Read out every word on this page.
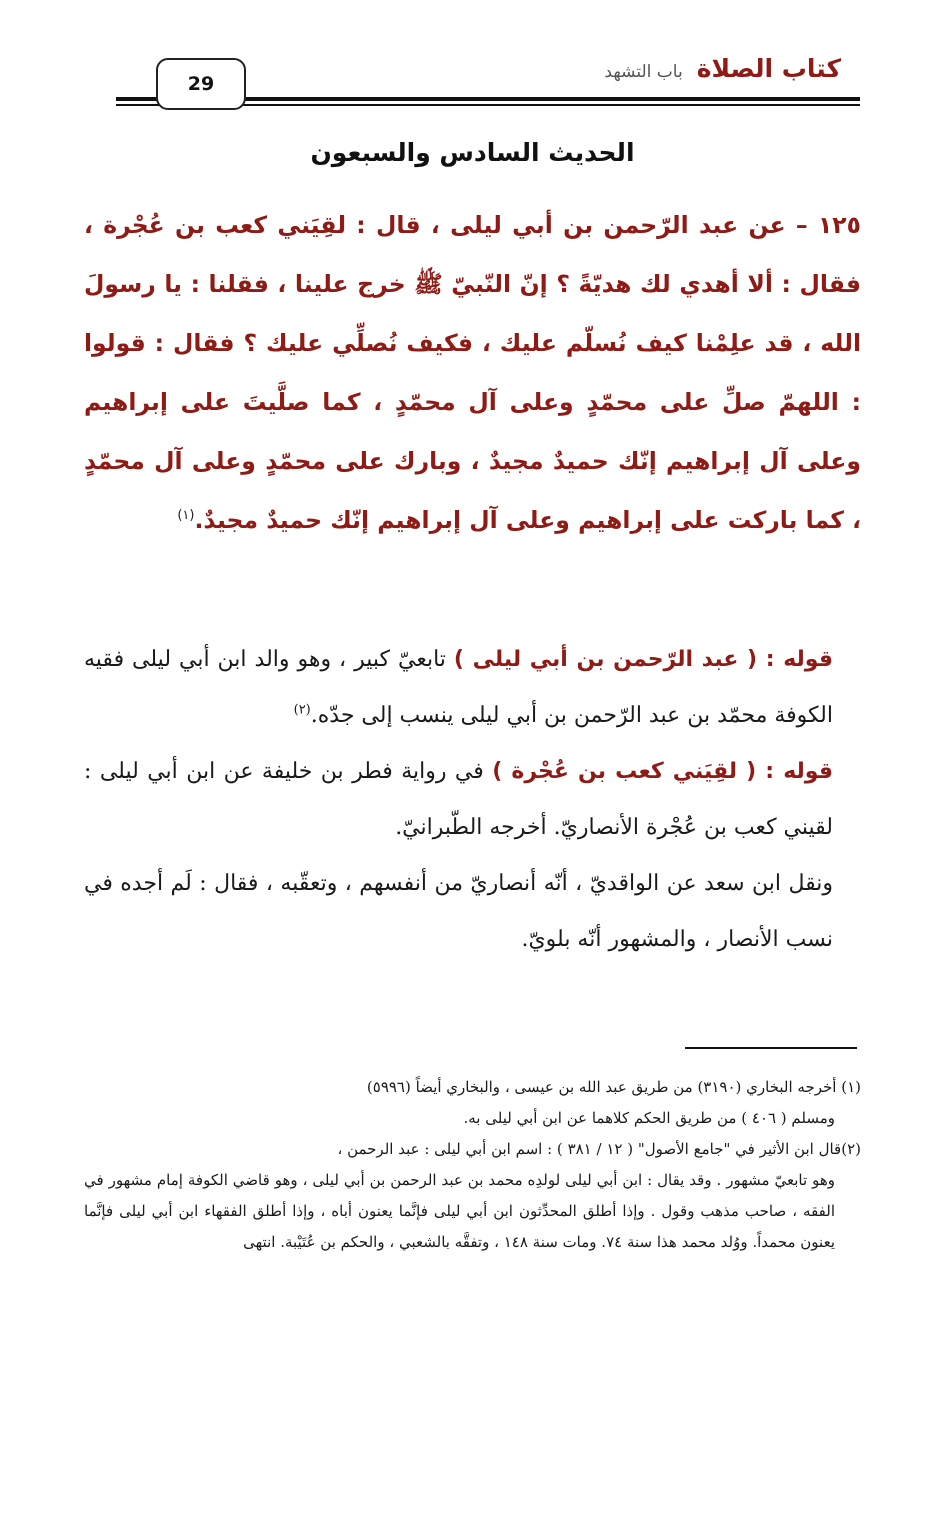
29
كتاب الصلاة
باب التشهد
الحديث السادس والسبعون
١٢٥ – عن عبد الرّحمن بن أبي ليلى ، قال : لقِيَني كعب بن عُجْرة ، فقال : ألا أهدي لك هديّةً ؟ إنّ النّبيّ ﷺ خرج علينا ، فقلنا : يا رسولَ الله ، قد علِمْنا كيف نُسلّم عليك ، فكيف نُصلِّي عليك ؟ فقال : قولوا : اللهمّ صلِّ على محمّدٍ وعلى آل محمّدٍ ، كما صلَّيتَ على إبراهيم وعلى آل إبراهيم إنّك حميدٌ مجيدٌ ، وبارك على محمّدٍ وعلى آل محمّدٍ ، كما باركت على إبراهيم وعلى آل إبراهيم إنّك حميدٌ مجيدٌ.$^{(١)}$

قوله : ( عبد الرّحمن بن أبي ليلى ) تابعيّ كبير ، وهو والد ابن أبي ليلى فقيه الكوفة محمّد بن عبد الرّحمن بن أبي ليلى ينسب إلى جدّه.$^{(٢)}$

قوله : ( لقِيَني كعب بن عُجْرة ) في رواية فطر بن خليفة عن ابن أبي ليلى : لقيني كعب بن عُجْرة الأنصاريّ. أخرجه الطّبرانيّ.

ونقل ابن سعد عن الواقديّ ، أنّه أنصاريّ من أنفسهم ، وتعقّبه ، فقال : لَم أجده في نسب الأنصار ، والمشهور أنّه بلويّ.

(١) أخرجه البخاري (٣١٩٠) من طريق عبد الله بن عيسى ، والبخاري أيضاً (٥٩٩٦)

ومسلم ( ٤٠٦ ) من طريق الحكم كلاهما عن ابن أبي ليلى به.

(٢)قال ابن الأثير في "جامع الأصول" ( ١٢ / ٣٨١ ) : اسم ابن أبي ليلى : عبد الرحمن ،

وهو تابعيّ مشهور . وقد يقال : ابن أبي ليلى لولدِه محمد بن عبد الرحمن بن أبي ليلى ، وهو قاضي الكوفة إمام مشهور في الفقه ، صاحب مذهب وقول . وإذا أطلق المحدِّثون ابن أبي ليلى فإنَّما يعنون أباه ، وإذا أطلق الفقهاء ابن أبي ليلى فإنَّما يعنون محمداً. ووُلد محمد هذا سنة ٧٤. ومات سنة ١٤٨ ، وتفقَّه بالشعبي ، والحكم بن عُتَيْبة. انتهى
